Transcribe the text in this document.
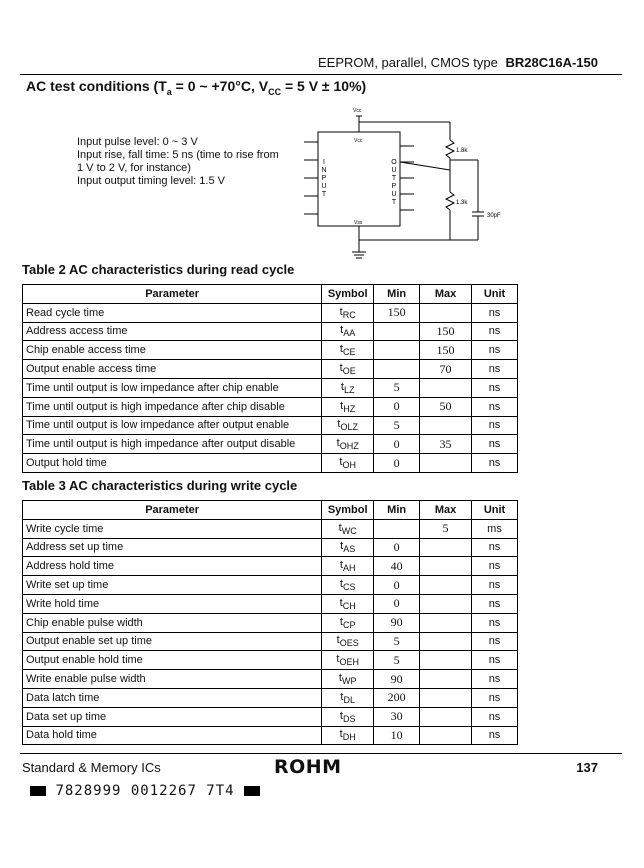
EEPROM, parallel, CMOS type BR28C16A-150
AC test conditions ($T_a = 0$ ~ +70°C, $V_{CC} = 5$ V ± 10%)
Input pulse level: 0 ~ 3 V
Input rise, fall time: 5 ns (time to rise from
1 V to 2 V, for instance)
Input output timing level: 1.5 V
Vcc
Vcc
Vss
I
N
P
U
T
O
U
T
P
U
T
1.8k
1.3k
30pF
Table 2 AC characteristics during read cycle
Parameter	Symbol	Min	Max	Unit
Read cycle time	$t_{RC}$	150		ns
Address access time	$t_{AA}$		150	ns
Chip enable access time	$t_{CE}$		150	ns
Output enable access time	$t_{OE}$		70	ns
Time until output is low impedance after chip enable	$t_{LZ}$	5		ns
Time until output is high impedance after chip disable	$t_{HZ}$	0	50	ns
Time until output is low impedance after output enable	$t_{OLZ}$	5		ns
Time until output is high impedance after output disable	$t_{OHZ}$	0	35	ns
Output hold time	$t_{OH}$	0		ns
Table 3 AC characteristics during write cycle
Parameter	Symbol	Min	Max	Unit
Write cycle time	$t_{WC}$		5	ms
Address set up time	$t_{AS}$	0		ns
Address hold time	$t_{AH}$	40		ns
Write set up time	$t_{CS}$	0		ns
Write hold time	$t_{CH}$	0		ns
Chip enable pulse width	$t_{CP}$	90		ns
Output enable set up time	$t_{OES}$	5		ns
Output enable hold time	$t_{OEH}$	5		ns
Write enable pulse width	$t_{WP}$	90		ns
Data latch time	$t_{DL}$	200		ns
Data set up time	$t_{DS}$	30		ns
Data hold time	$t_{DH}$	10		ns
Standard & Memory ICs	ROHM	137
7828999 0012267 7T4
